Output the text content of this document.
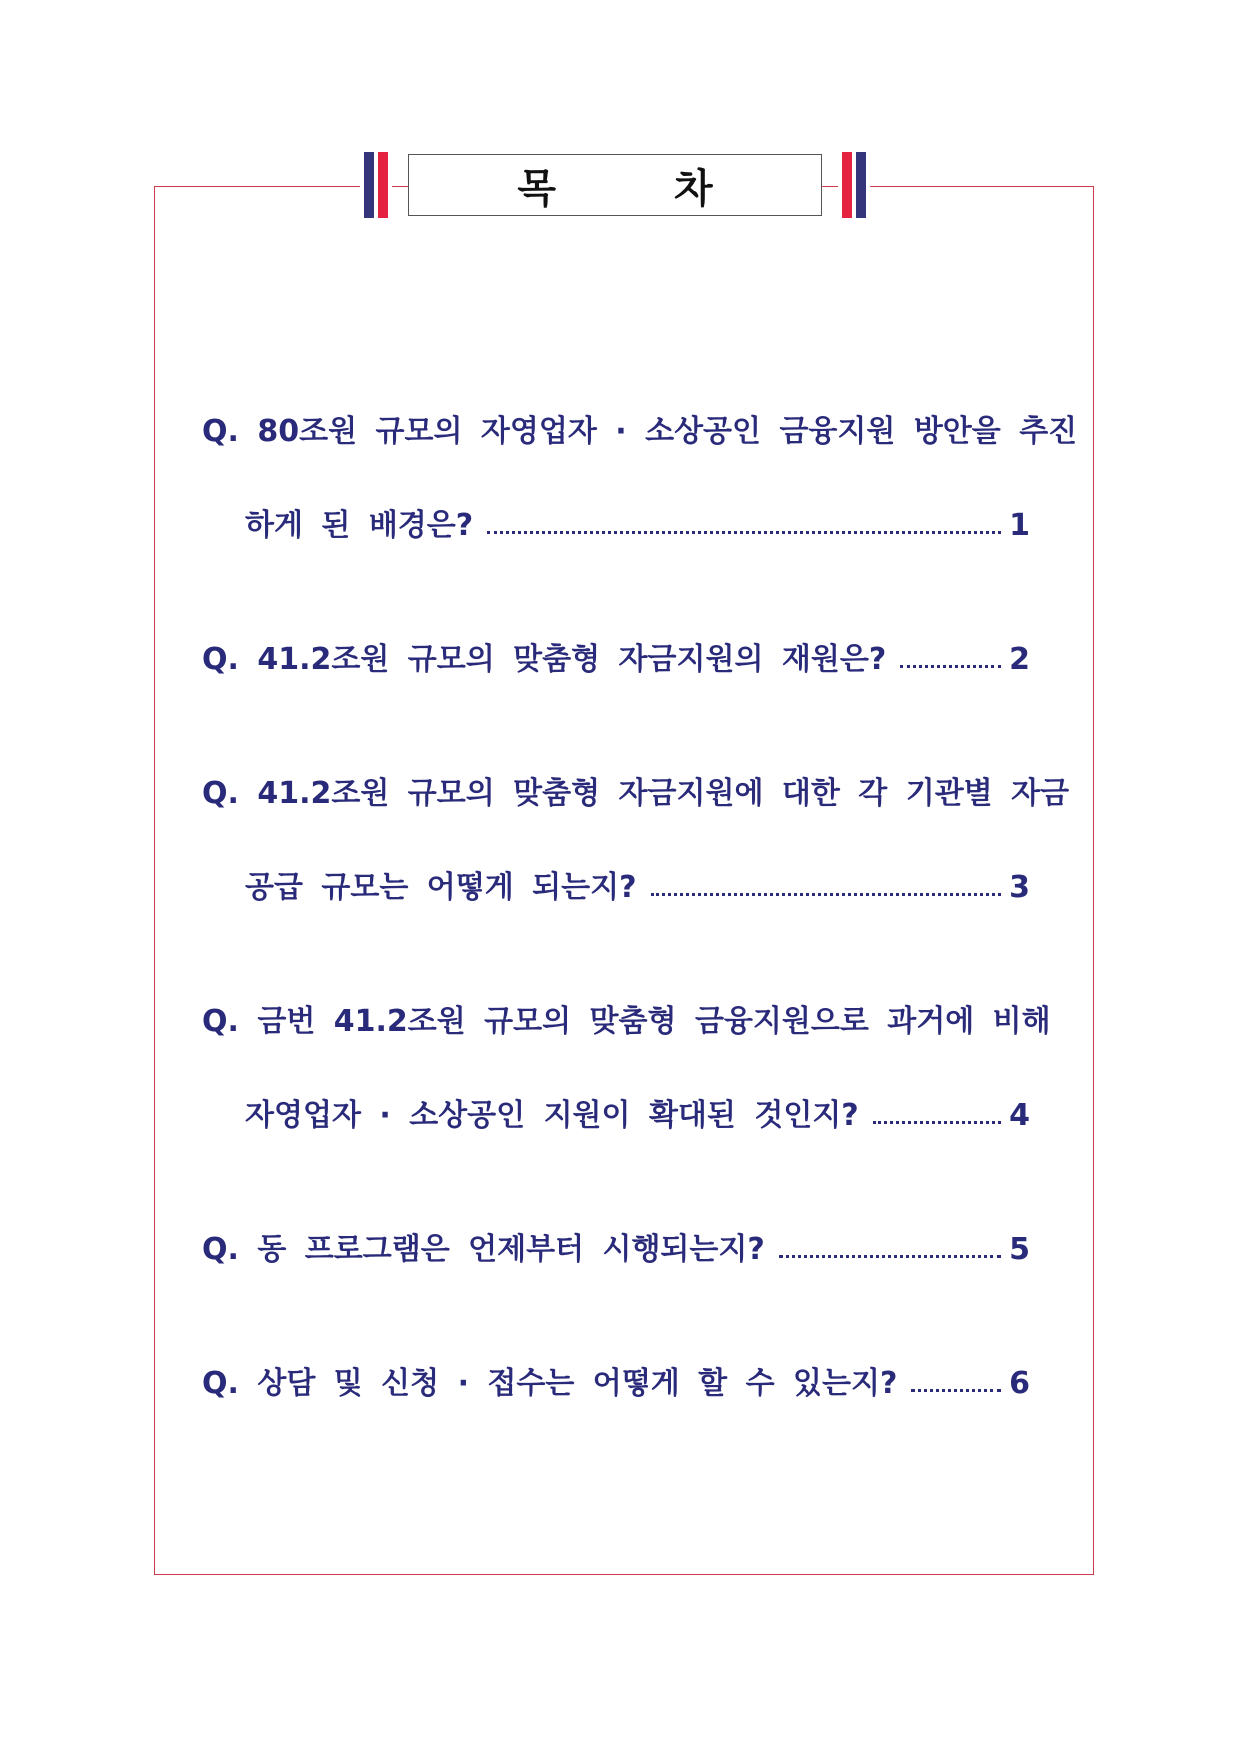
목 차
Q. 80조원 규모의 자영업자 · 소상공인 금융지원 방안을 추진
하게 된 배경은?	1
Q. 41.2조원 규모의 맞춤형 자금지원의 재원은?	2
Q. 41.2조원 규모의 맞춤형 자금지원에 대한 각 기관별 자금
공급 규모는 어떻게 되는지?	3
Q. 금번 41.2조원 규모의 맞춤형 금융지원으로 과거에 비해
자영업자 · 소상공인 지원이 확대된 것인지?	4
Q. 동 프로그램은 언제부터 시행되는지?	5
Q. 상담 및 신청 · 접수는 어떻게 할 수 있는지?	6
